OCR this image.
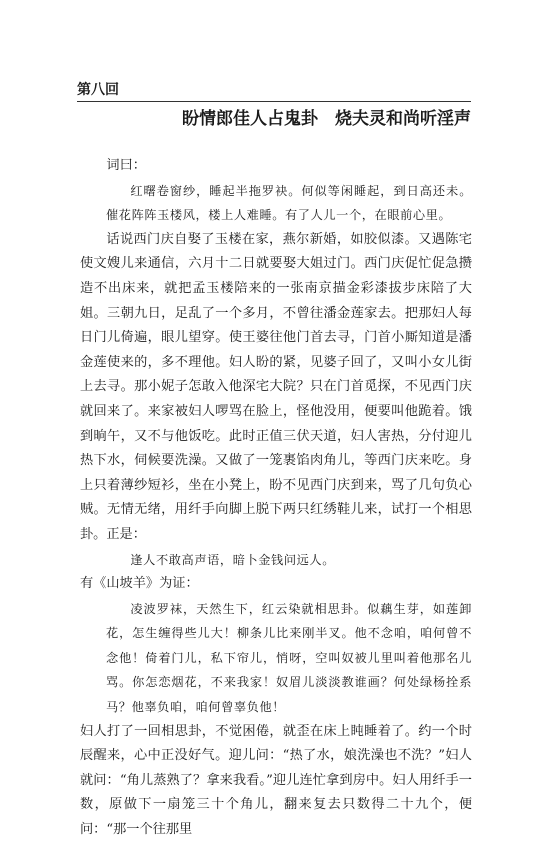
第八回
盼情郎佳人占鬼卦　烧夫灵和尚听淫声

词曰：

红曙卷窗纱，睡起半拖罗袂。何似等闲睡起，到日高还未。催花阵阵玉楼风，楼上人难睡。有了人儿一个，在眼前心里。

话说西门庆自娶了玉楼在家，燕尔新婚，如胶似漆。又遇陈宅使文嫂儿来通信，六月十二日就要娶大姐过门。西门庆促忙促急攒造不出床来，就把孟玉楼陪来的一张南京描金彩漆拔步床陪了大姐。三朝九日，足乱了一个多月，不曾往潘金莲家去。把那妇人每日门儿倚遍，眼儿望穿。使王婆往他门首去寻，门首小厮知道是潘金莲使来的，多不理他。妇人盼的紧，见婆子回了，又叫小女儿街上去寻。那小妮子怎敢入他深宅大院？只在门首觅探，不见西门庆就回来了。来家被妇人啰骂在脸上，怪他没用，便要叫他跪着。饿到晌午，又不与他饭吃。此时正值三伏天道，妇人害热，分付迎儿热下水，伺候要洗澡。又做了一笼裹馅肉角儿，等西门庆来吃。身上只着薄纱短衫，坐在小凳上，盼不见西门庆到来，骂了几句负心贼。无情无绪，用纤手向脚上脱下两只红绣鞋儿来，试打一个相思卦。正是：

逢人不敢高声语，暗卜金钱问远人。

有《山坡羊》为证：

凌波罗袜，天然生下，红云染就相思卦。似藕生芽，如莲卸花，怎生缠得些儿大！柳条儿比来刚半叉。他不念咱，咱何曾不念他！倚着门儿，私下帘儿，悄呀，空叫奴被儿里叫着他那名儿骂。你怎恋烟花，不来我家！奴眉儿淡淡教谁画？何处绿杨拴系马？他辜负咱，咱何曾辜负他！

妇人打了一回相思卦，不觉困倦，就歪在床上盹睡着了。约一个时辰醒来，心中正没好气。迎儿问：“热了水，娘洗澡也不洗？”妇人就问：“角儿蒸熟了？拿来我看。”迎儿连忙拿到房中。妇人用纤手一数，原做下一扇笼三十个角儿，翻来复去只数得二十九个，便问：“那一个往那里
